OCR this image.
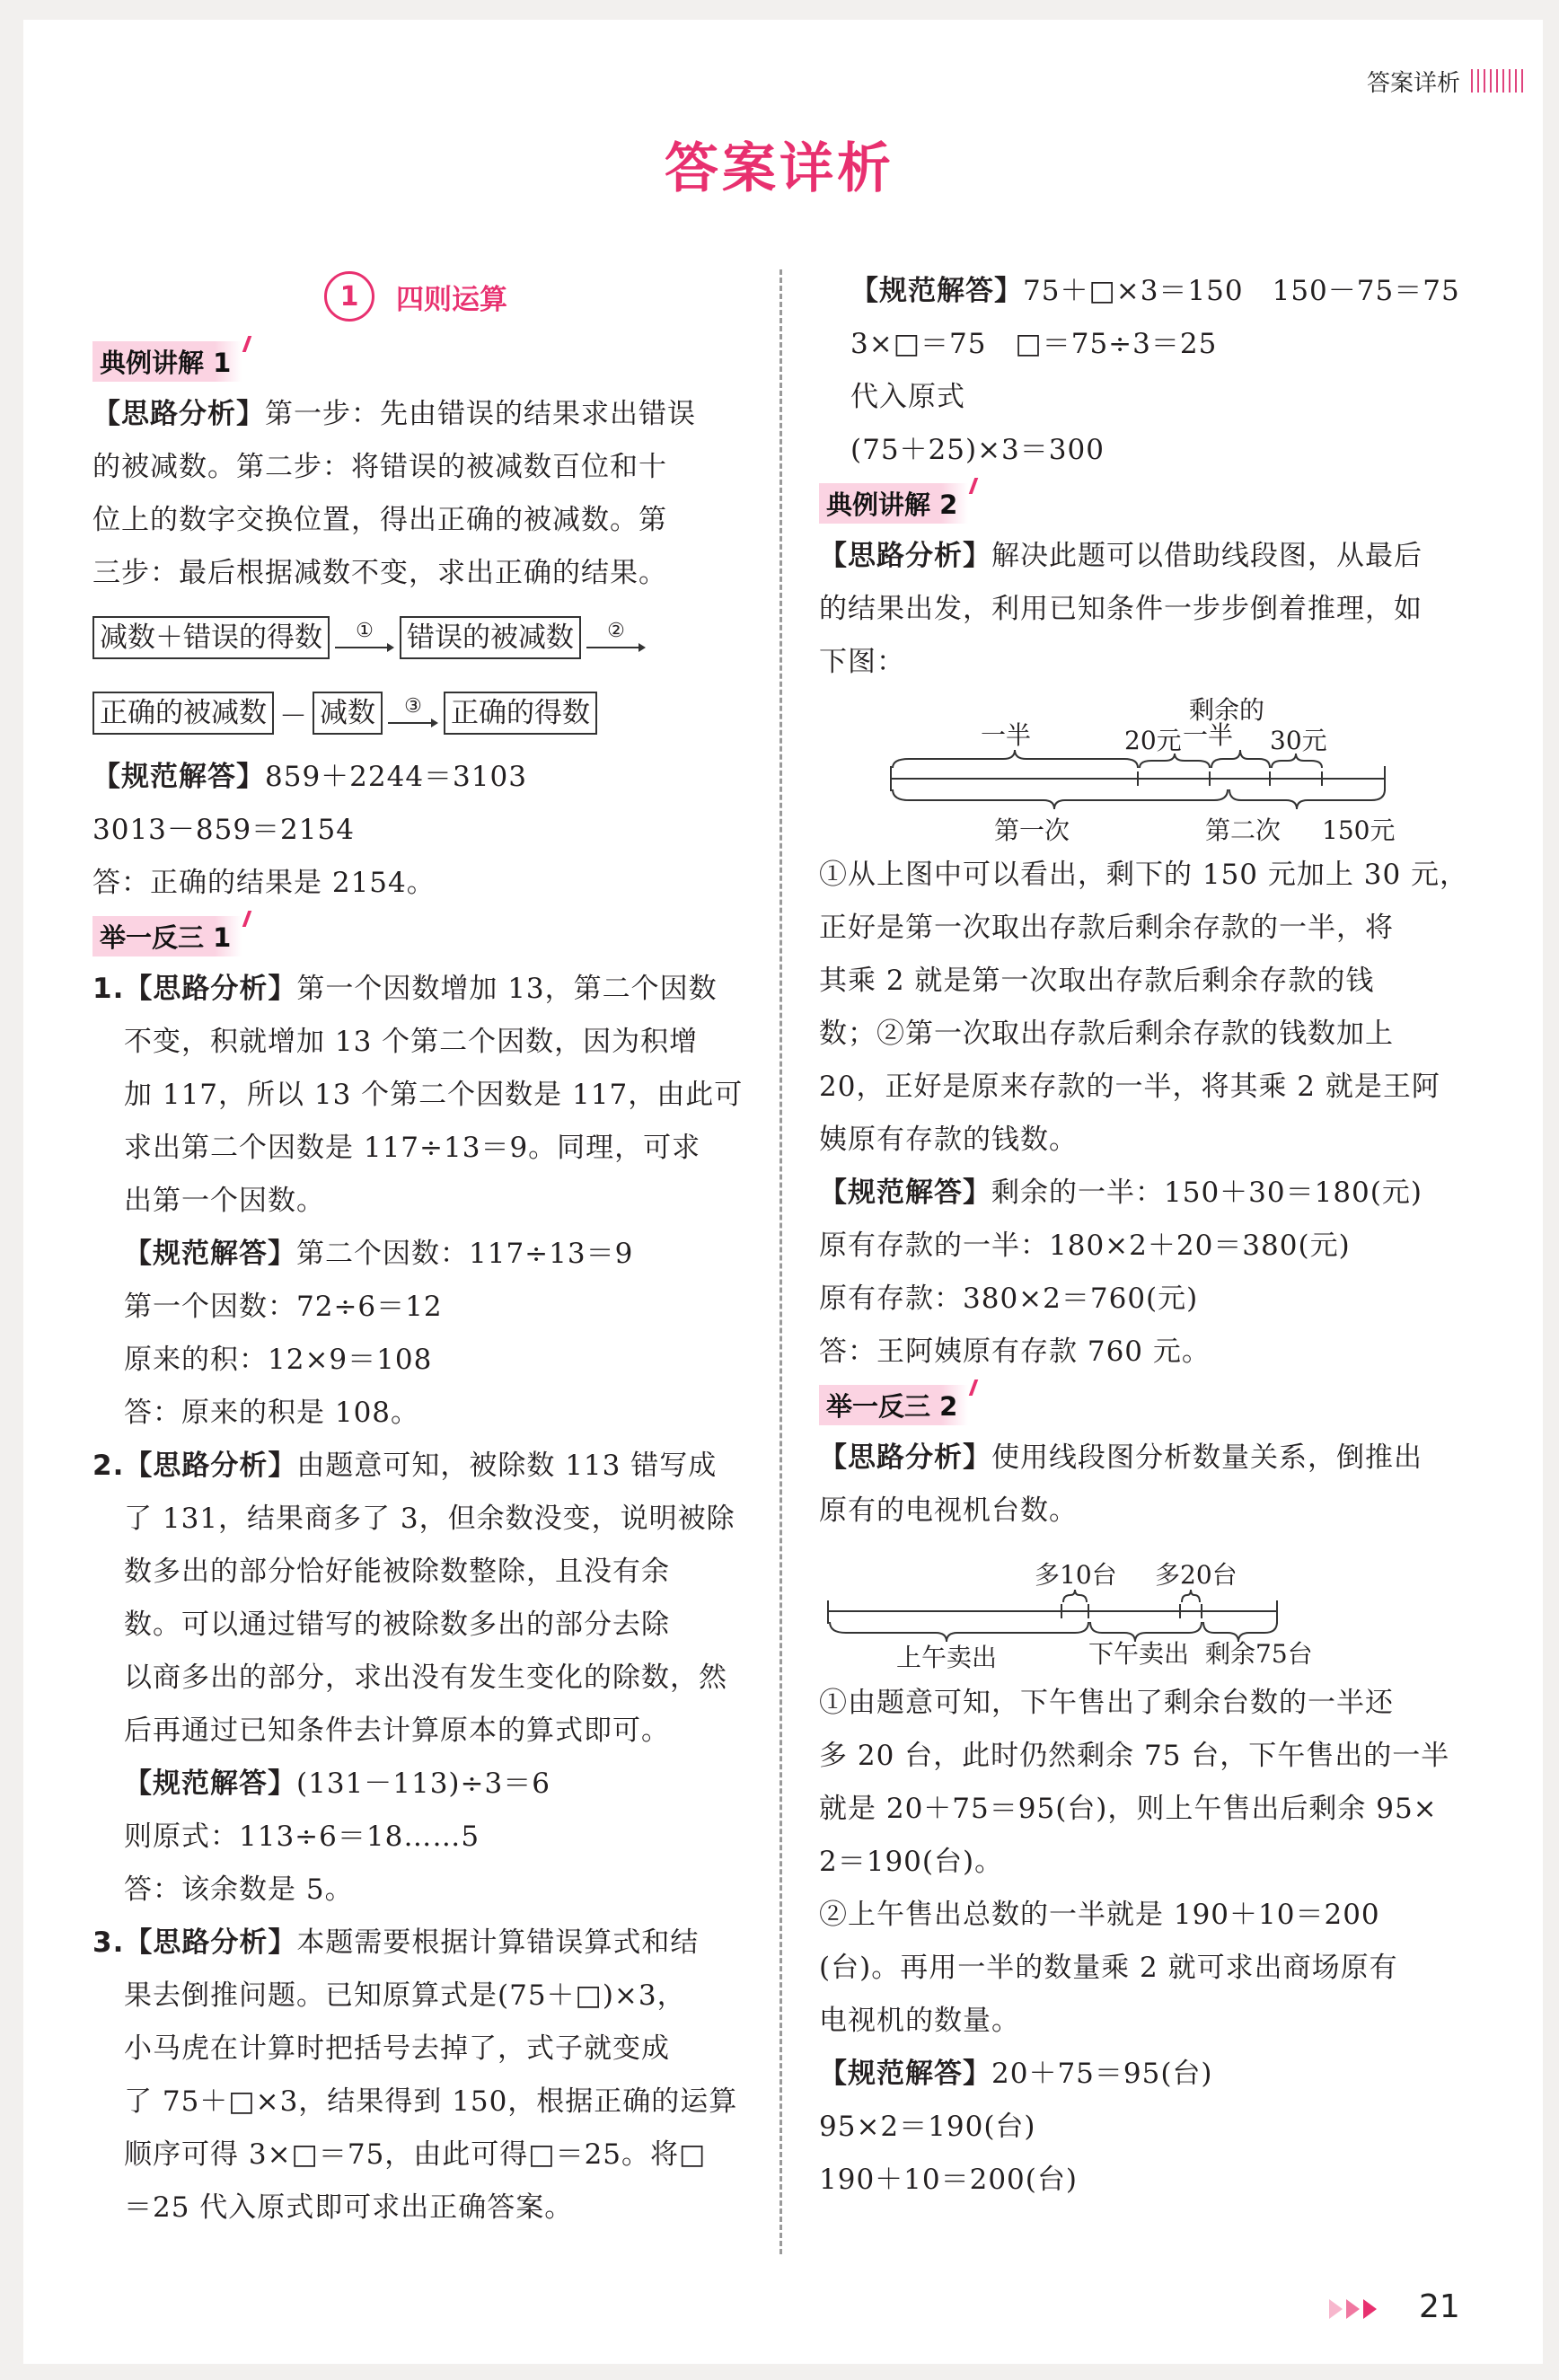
答案详析
答案详析
1	四则运算
典例讲解 1
【思路分析】第一步：先由错误的结果求出错误
的被减数。第二步：将错误的被减数百位和十
位上的数字交换位置，得出正确的被减数。第
三步：最后根据减数不变，求出正确的结果。
减数＋错误的得数	① 错误的被减数	②
正确的被减数 － 减数	③ 正确的得数
【规范解答】859＋2244＝3103
3013－859＝2154
答：正确的结果是 2154。
举一反三 1
1.【思路分析】第一个因数增加 13，第二个因数
不变，积就增加 13 个第二个因数，因为积增
加 117，所以 13 个第二个因数是 117，由此可
求出第二个因数是 117÷13＝9。同理，可求
出第一个因数。
【规范解答】第二个因数：117÷13＝9
第一个因数：72÷6＝12
原来的积：12×9＝108
答：原来的积是 108。
2.【思路分析】由题意可知，被除数 113 错写成
了 131，结果商多了 3，但余数没变，说明被除
数多出的部分恰好能被除数整除，且没有余
数。可以通过错写的被除数多出的部分去除
以商多出的部分，求出没有发生变化的除数，然
后再通过已知条件去计算原本的算式即可。
【规范解答】(131－113)÷3＝6
则原式：113÷6＝18……5
答：该余数是 5。
3.【思路分析】本题需要根据计算错误算式和结
果去倒推问题。已知原算式是(75＋□)×3，
小马虎在计算时把括号去掉了，式子就变成
了 75＋□×3，结果得到 150，根据正确的运算
顺序可得 3×□＝75，由此可得□＝25。将□
＝25 代入原式即可求出正确答案。
【规范解答】75＋□×3＝150　150－75＝75
3×□＝75　□＝75÷3＝25
代入原式
(75＋25)×3＝300
典例讲解 2
【思路分析】解决此题可以借助线段图，从最后
的结果出发，利用已知条件一步步倒着推理，如
下图：
剩余的
一半	20元 一半 30元
第一次	第二次 150元
①从上图中可以看出，剩下的 150 元加上 30 元，
正好是第一次取出存款后剩余存款的一半，将
其乘 2 就是第一次取出存款后剩余存款的钱
数；②第一次取出存款后剩余存款的钱数加上
20，正好是原来存款的一半，将其乘 2 就是王阿
姨原有存款的钱数。
【规范解答】剩余的一半：150＋30＝180(元)
原有存款的一半：180×2＋20＝380(元)
原有存款：380×2＝760(元)
答：王阿姨原有存款 760 元。
举一反三 2
【思路分析】使用线段图分析数量关系，倒推出
原有的电视机台数。
多10台 多20台
上午卖出	下午卖出 剩余75台
①由题意可知，下午售出了剩余台数的一半还
多 20 台，此时仍然剩余 75 台，下午售出的一半
就是 20＋75＝95(台)，则上午售出后剩余 95×
2＝190(台)。
②上午售出总数的一半就是 190＋10＝200
(台)。再用一半的数量乘 2 就可求出商场原有
电视机的数量。
【规范解答】20＋75＝95(台)
95×2＝190(台)
190＋10＝200(台)
21
